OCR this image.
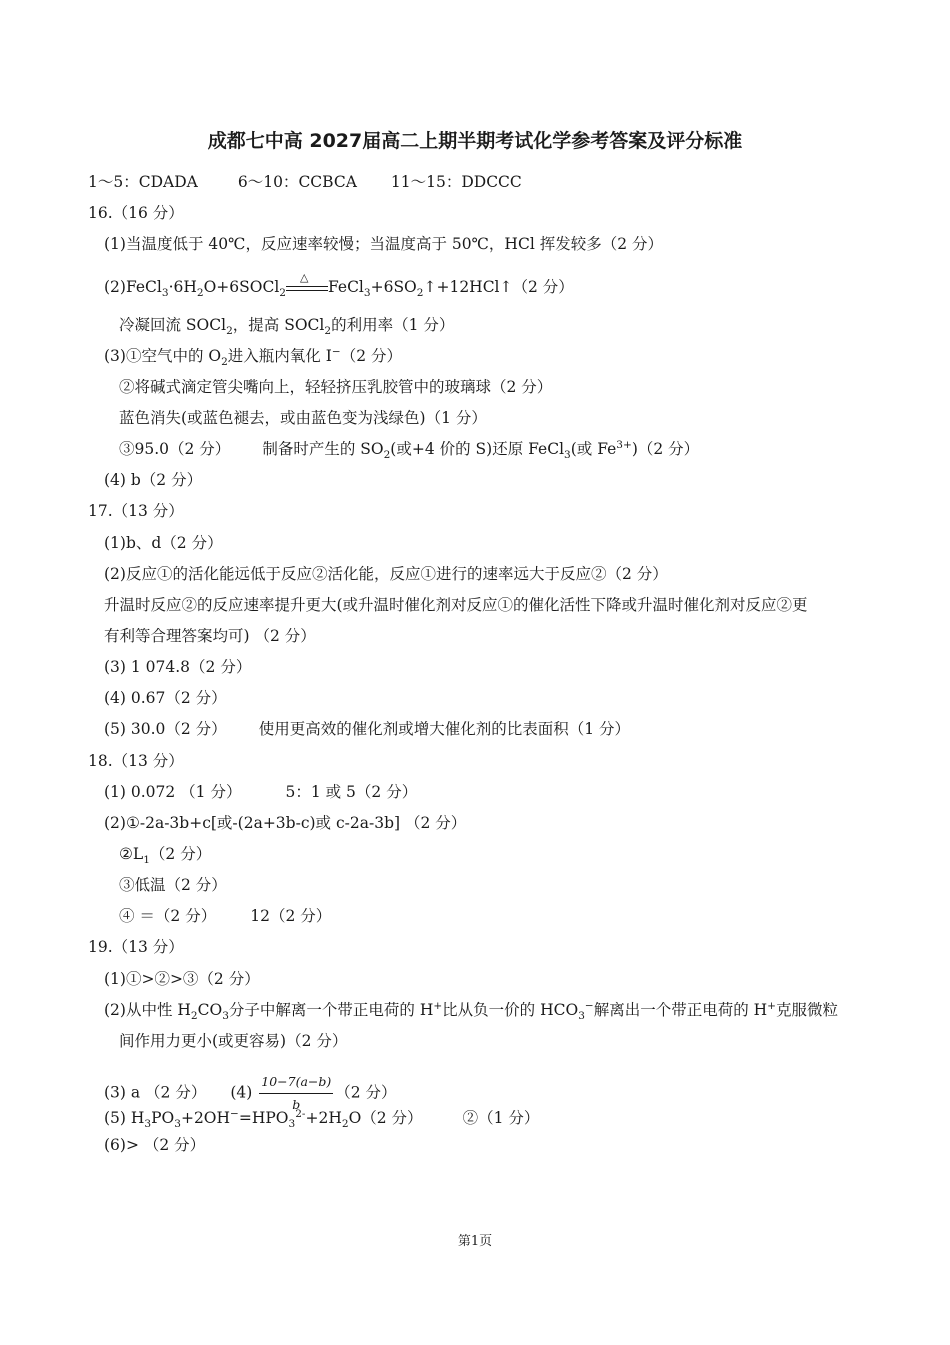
成都七中高 2027届高二上期半期考试化学参考答案及评分标准
1～5：CDADA	6～10：CCBCA 11～15：DDCCC
16.（16 分）
(1)当温度低于 40℃，反应速率较慢；当温度高于 50℃，HCl 挥发较多（2 分）
$(2)FeCl_3\cdot 6H_2O+6SOCl_2$
△
$FeCl_3+6SO_2↑+12HCl↑(2$ 分）
冷凝回流 SOCl$_2$，提高 SOCl$_2$的利用率（1 分）
(3)①空气中的 $O_2$进入瓶内氧化 I−（2 分）
②将碱式滴定管尖嘴向上，轻轻挤压乳胶管中的玻璃球（2 分）
蓝色消失(或蓝色褪去，或由蓝色变为浅绿色)（1 分）
③95.0（2 分） 制备时产生的 $SO_2$(或+4 价的 S)还原 FeCl$_3$(或 $Fe^{3+})(2$ 分）
(4) b（2 分）
17.（13 分）
(1)b、d（2 分）
(2)反应①的活化能远低于反应②活化能，反应①进行的速率远大于反应②（2 分）
升温时反应②的反应速率提升更大(或升温时催化剂对反应①的催化活性下降或升温时催化剂对反应②更
有利等合理答案均可) （2 分）
(3) 1 074.8（2 分）
(4) 0.67（2 分）
(5) 30.0（2 分） 使用更高效的催化剂或增大催化剂的比表面积（1 分）
18.（13 分）
(1) 0.072 （1 分）	5：1 或 5（2 分）
(2)①-2a-3b+c[或-(2a+3b-c)或 c-2a-3b] （2 分）
$②L_1(2$ 分）
③低温（2 分）
④ ＝（2 分） 12（2 分）
19.（13 分）
(1)①>②>③（2 分）
(2)从中性 $H_2CO_3$分子中解离一个带正电荷的 H+比从负一价的 $HCO_3^-$解离出一个带正电荷的 H+克服微粒
间作用力更小(或更容易)（2 分）
(3) a （2 分） $(4) \frac{10-7(a-b)}{b} (2$ 分）
(5) $H_3PO_3+2OH^-=HPO_3^{2-}+2H_2O(2$ 分）	②（1 分）
(6)> （2 分）
第1页
